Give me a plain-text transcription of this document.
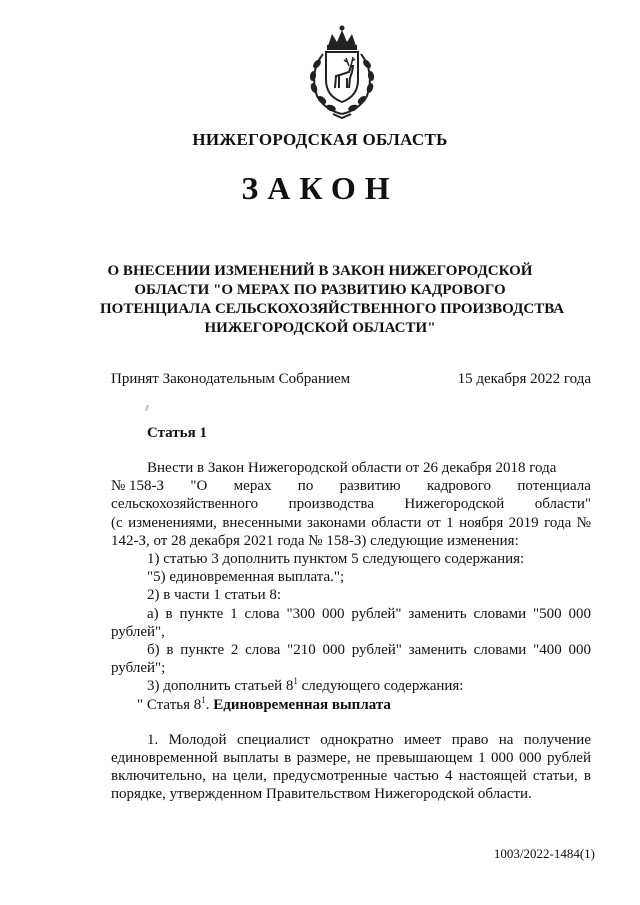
НИЖЕГОРОДСКАЯ ОБЛАСТЬ
ЗАКОН
О ВНЕСЕНИИ ИЗМЕНЕНИЙ В ЗАКОН НИЖЕГОРОДСКОЙ
ОБЛАСТИ "О МЕРАХ ПО РАЗВИТИЮ КАДРОВОГО
ПОТЕНЦИАЛА СЕЛЬСКОХОЗЯЙСТВЕННОГО ПРОИЗВОДСТВА
НИЖЕГОРОДСКОЙ ОБЛАСТИ"
Принят Законодательным Собранием	15 декабря 2022 года
Статья 1
Внести в Закон Нижегородской области от 26 декабря 2018 года
№ 158-З "О мерах по развитию кадрового потенциала
сельскохозяйственного производства Нижегородской области"
(с изменениями, внесенными законами области от 1 ноября 2019 года № 142-З, от 28 декабря 2021 года № 158-З) следующие изменения:
1) статью 3 дополнить пунктом 5 следующего содержания:
"5) единовременная выплата.";
2) в части 1 статьи 8:
а) в пункте 1 слова "300 000 рублей" заменить словами "500 000 рублей",
б) в пункте 2 слова "210 000 рублей" заменить словами "400 000 рублей";
3) дополнить статьей $8^1$ следующего содержания:
" Статья $8^1$. Единовременная выплата
1. Молодой специалист однократно имеет право на получение единовременной выплаты в размере, не превышающем 1 000 000 рублей включительно, на цели, предусмотренные частью 4 настоящей статьи, в порядке, утвержденном Правительством Нижегородской области.
1003/2022-1484(1)
